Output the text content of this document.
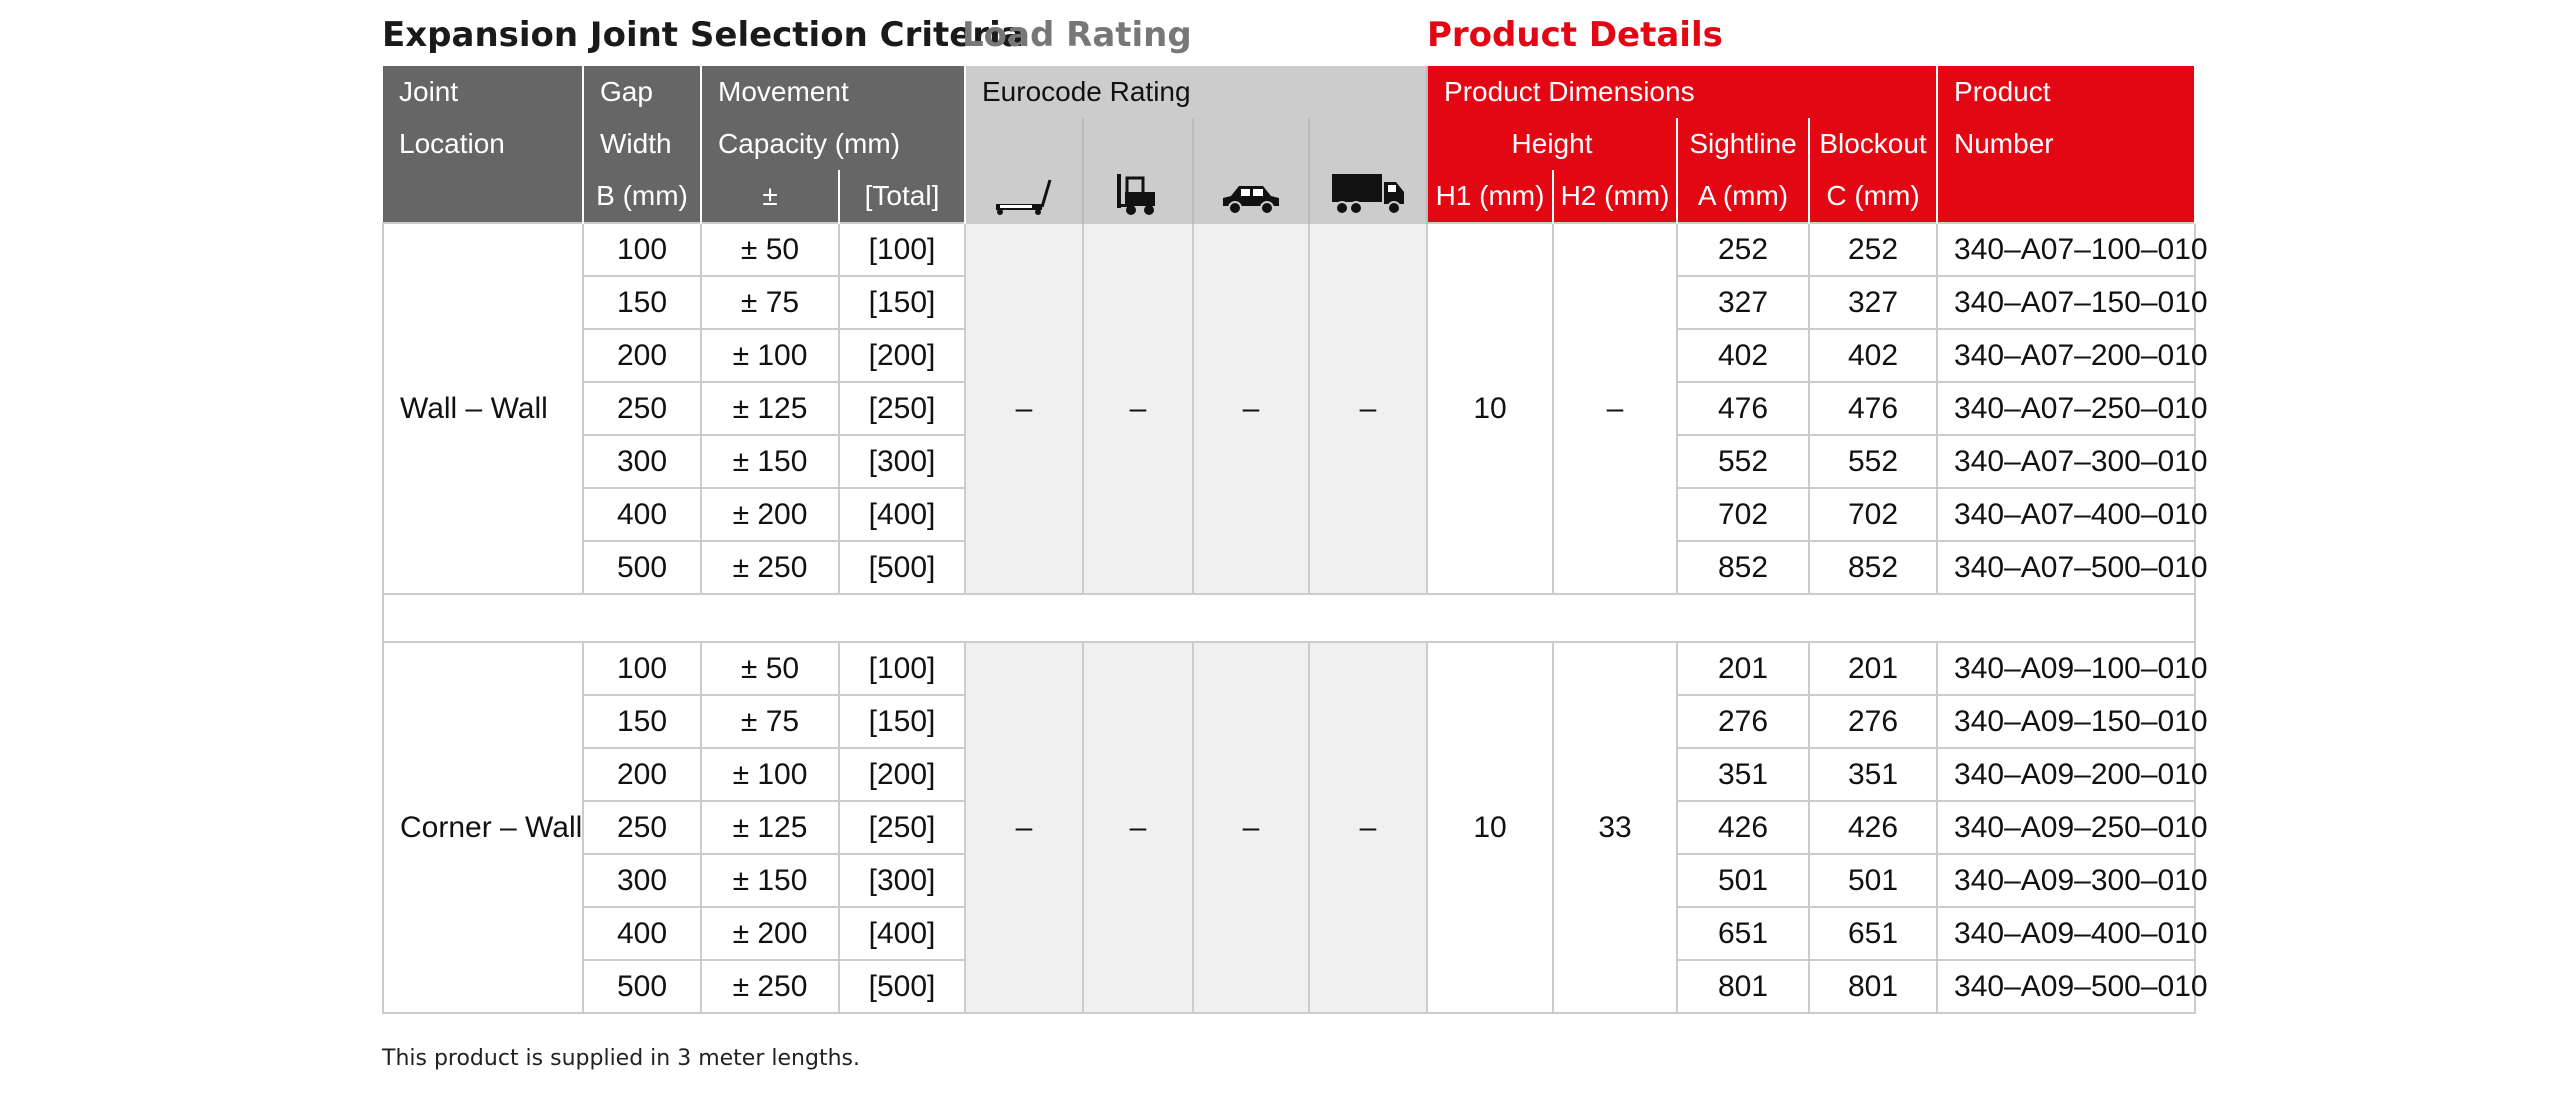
Expansion Joint Selection Criteria
Load Rating	Product Details
Joint	Gap	Movement		Eurocode Rating				Product Dimensions				Product
Location	Width	Capacity (mm)						Height		Sightline	Blockout	Number
	B (mm)	±	[Total]					H1 (mm)	H2 (mm)	A (mm)	C (mm)	
Wall – Wall	100	± 50	[100]	–	–	–	–	10	–	252	252	340–A07–100–010
	150	± 75	[150]							327	327	340–A07–150–010
	200	± 100	[200]							402	402	340–A07–200–010
	250	± 125	[250]							476	476	340–A07–250–010
	300	± 150	[300]							552	552	340–A07–300–010
	400	± 200	[400]							702	702	340–A07–400–010
	500	± 250	[500]							852	852	340–A07–500–010

Corner – Wall	100	± 50	[100]	–	–	–	–	10	33	201	201	340–A09–100–010
	150	± 75	[150]							276	276	340–A09–150–010
	200	± 100	[200]							351	351	340–A09–200–010
	250	± 125	[250]							426	426	340–A09–250–010
	300	± 150	[300]							501	501	340–A09–300–010
	400	± 200	[400]							651	651	340–A09–400–010
	500	± 250	[500]							801	801	340–A09–500–010
This product is supplied in 3 meter lengths.
